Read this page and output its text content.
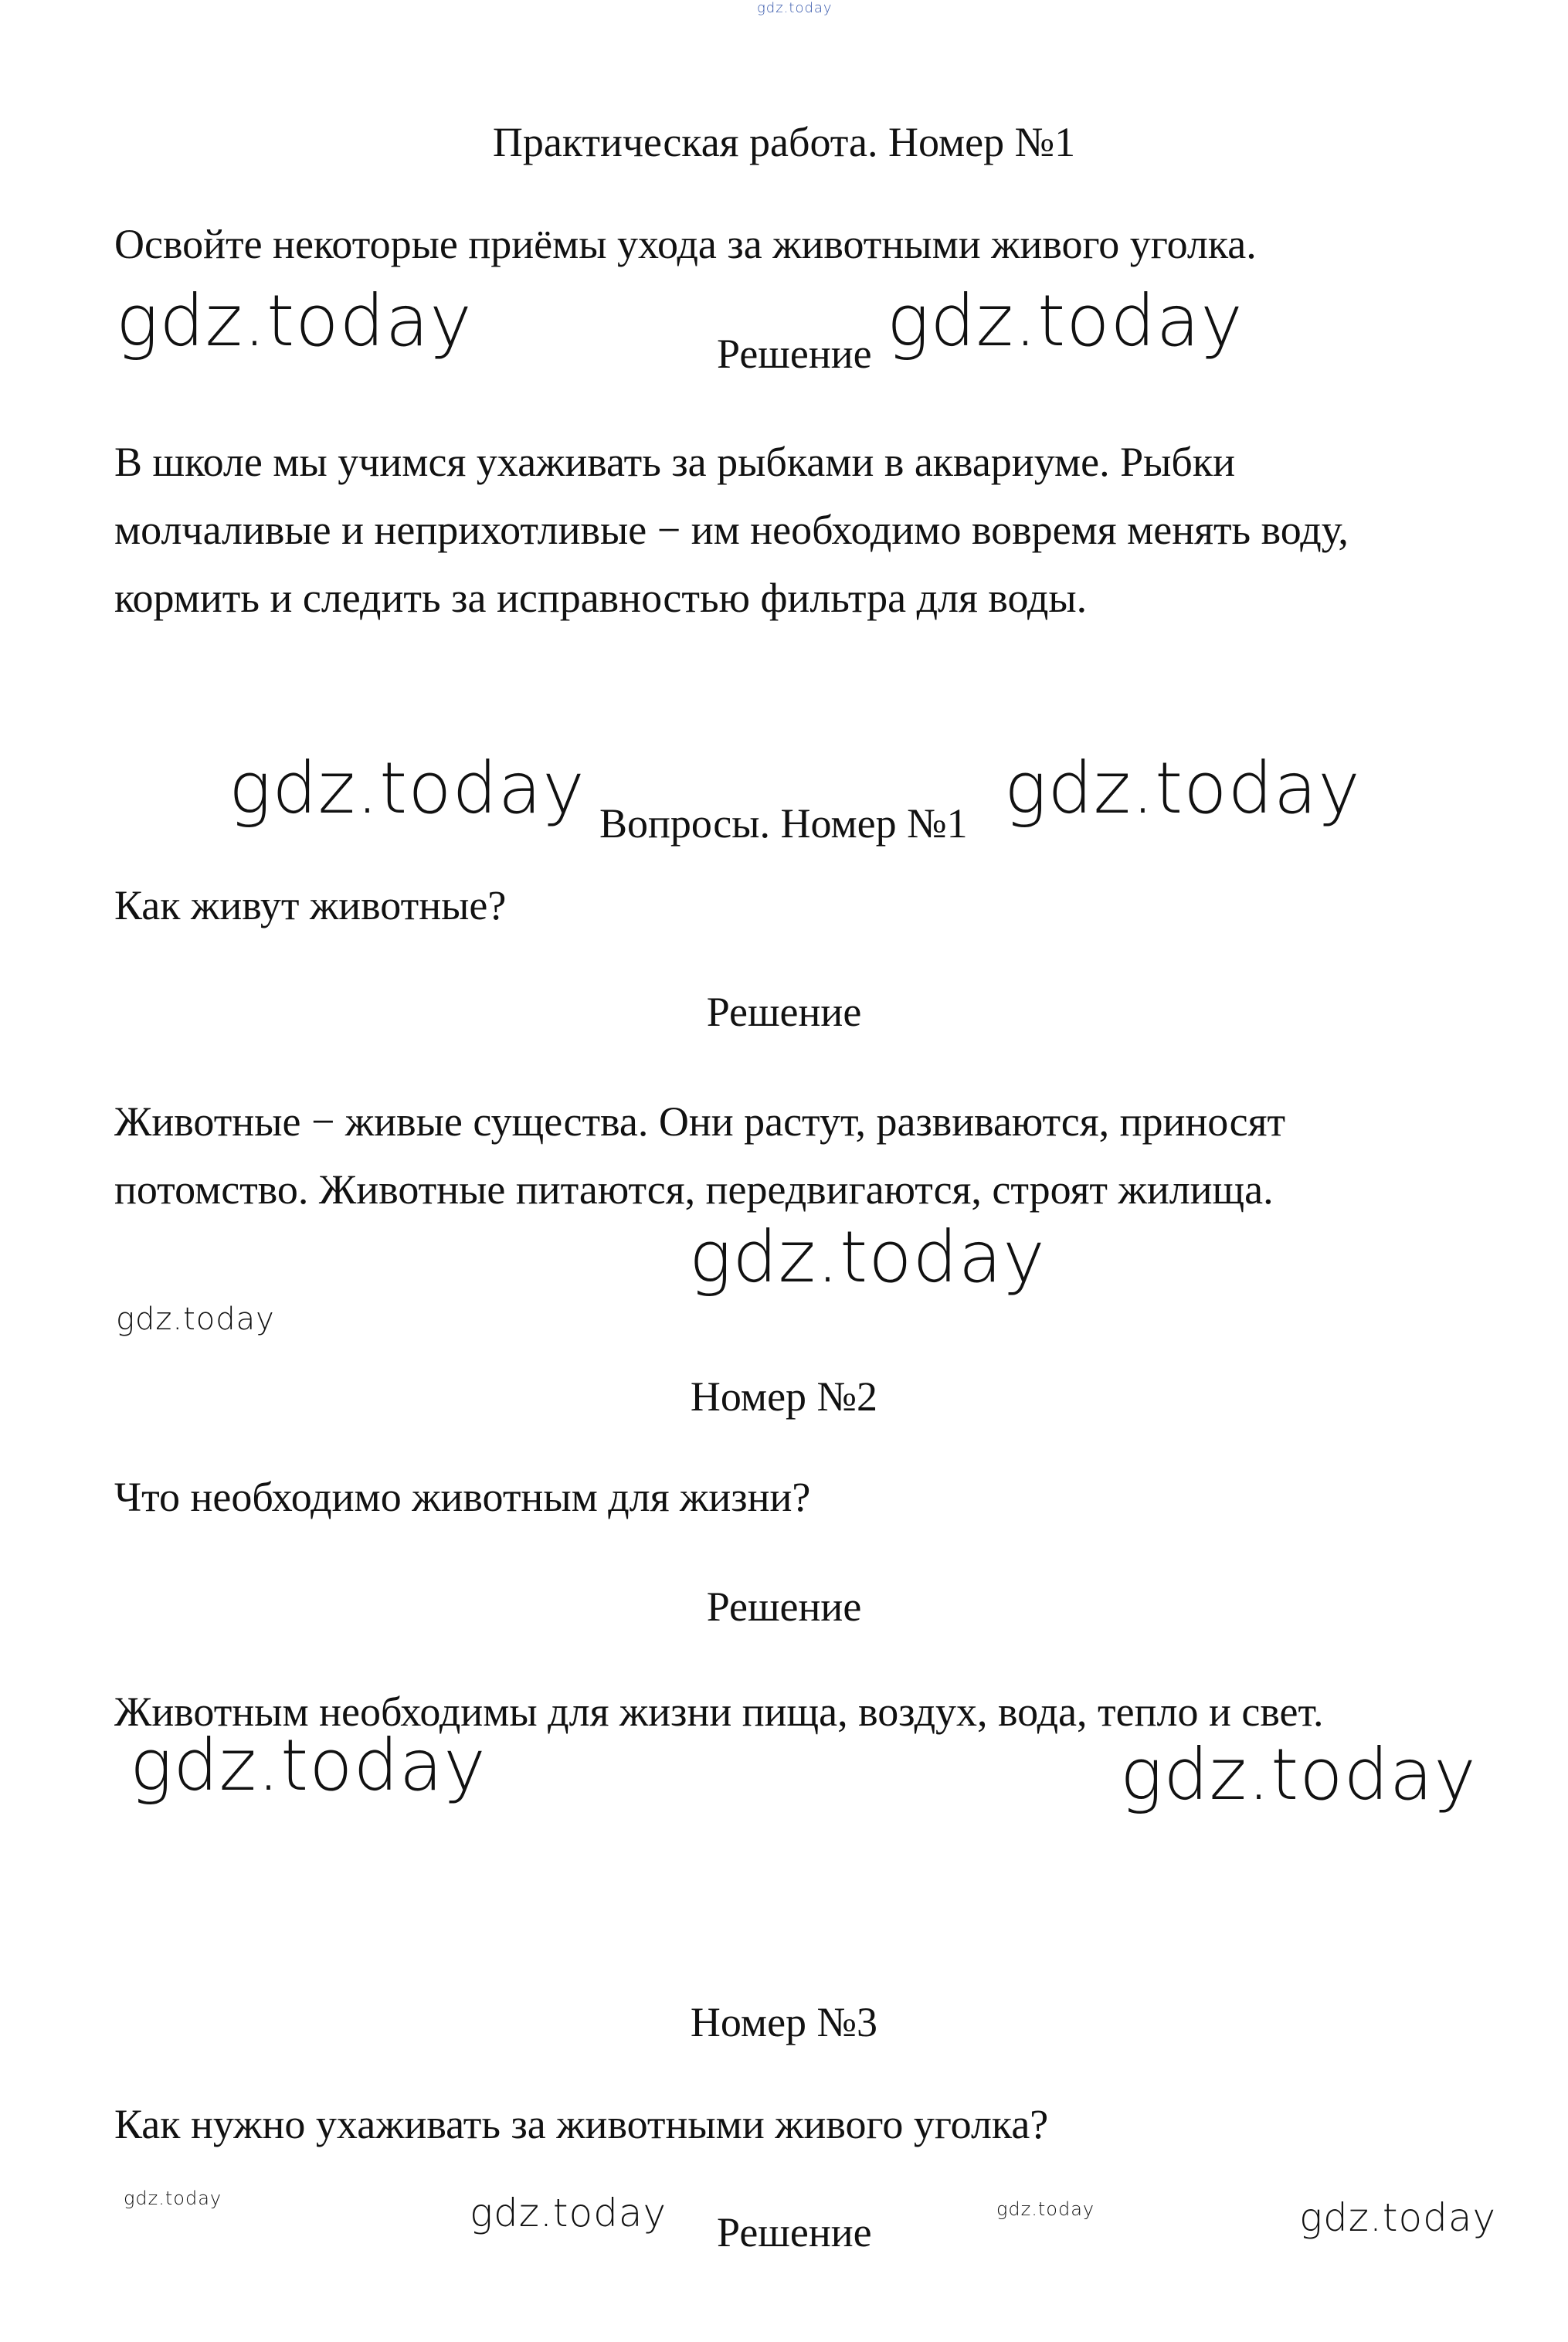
gdz.today
Практическая работа. Номер №1
Освойте некоторые приёмы ухода за животными живого уголка.
gdz.today	Решение gdz.today
В школе мы учимся ухаживать за рыбками в аквариуме. Рыбки
молчаливые и неприхотливые − им необходимо вовремя менять воду,
кормить и следить за исправностью фильтра для воды.
gdz.today Вопросы. Номер №1 gdz.today
Как живут животные?
Решение
Животные − живые существа. Они растут, развиваются, приносят
потомство. Животные питаются, передвигаются, строят жилища.
gdz.today
gdz.today
Номер №2
Что необходимо животным для жизни?
Решение
Животным необходимы для жизни пища, воздух, вода, тепло и свет.
gdz.today	gdz.today
Номер №3
Как нужно ухаживать за животными живого уголка?
gdz.today	gdz.today Решение	gdz.today	gdz.today
